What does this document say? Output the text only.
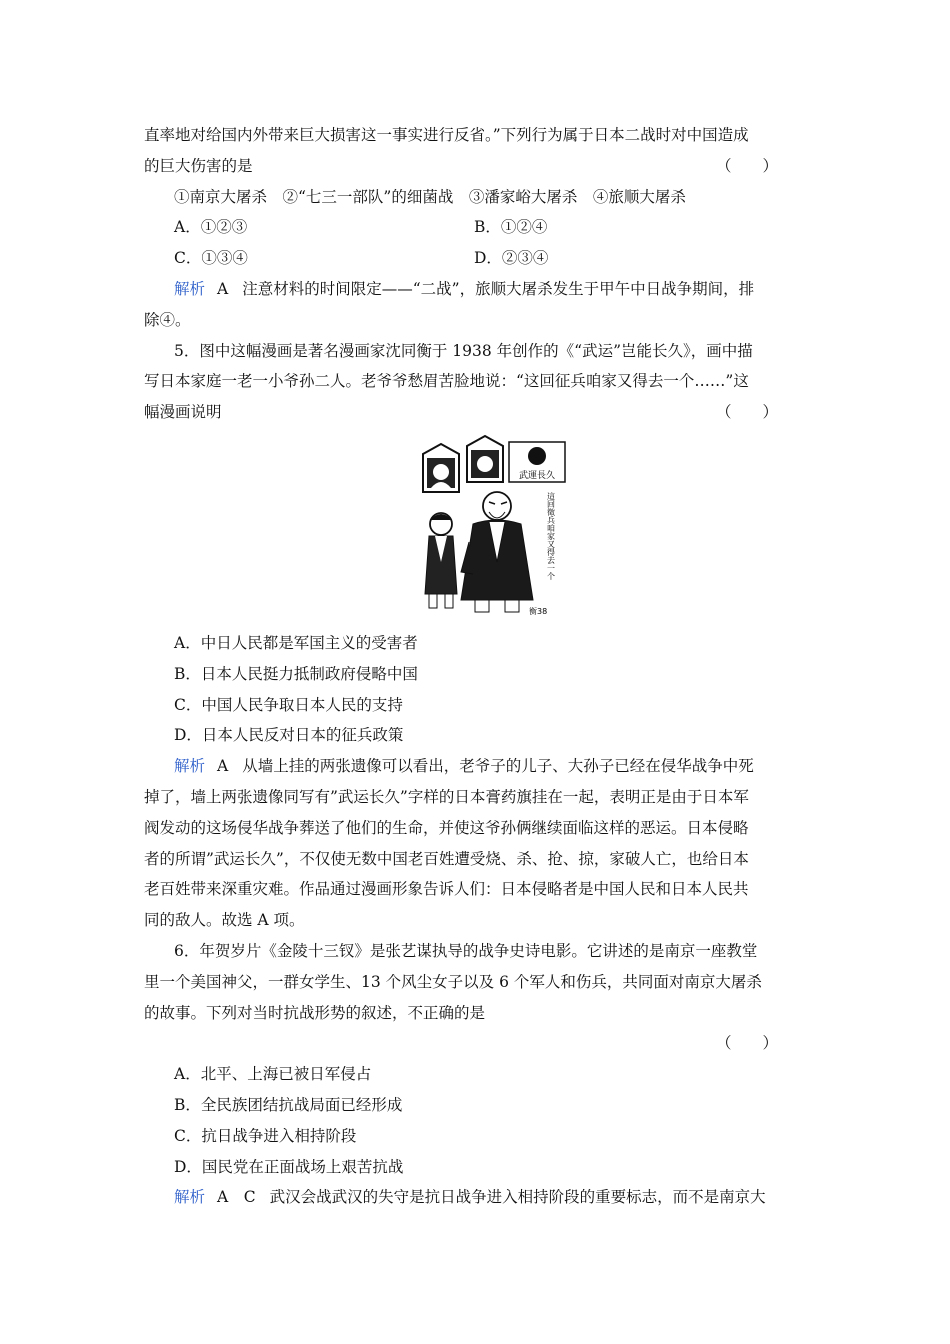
直率地对给国内外带来巨大损害这一事实进行反省。”下列行为属于日本二战时对中国造成
的巨大伤害的是	（　　）
①南京大屠杀　②“七三一部队”的细菌战　③潘家峪大屠杀　④旅顺大屠杀
A．①②③	B．①②④
C．①③④	D．②③④
解析 A 注意材料的时间限定——“二战”，旅顺大屠杀发生于甲午中日战争期间，排
除④。
5．图中这幅漫画是著名漫画家沈同衡于 1938 年创作的《“武运”岂能长久》，画中描
写日本家庭一老一小爷孙二人。老爷爷愁眉苦脸地说：“这回征兵咱家又得去一个……”这
幅漫画说明	（　　）
武運長久
這回徵兵咱家又得去一个
衡38
A．中日人民都是军国主义的受害者
B．日本人民挺力抵制政府侵略中国
C．中国人民争取日本人民的支持
D．日本人民反对日本的征兵政策
解析 A 从墙上挂的两张遗像可以看出，老爷子的儿子、大孙子已经在侵华战争中死
掉了，墙上两张遗像同写有”武运长久”字样的日本膏药旗挂在一起，表明正是由于日本军
阀发动的这场侵华战争葬送了他们的生命，并使这爷孙俩继续面临这样的恶运。日本侵略
者的所谓”武运长久”，不仅使无数中国老百姓遭受烧、杀、抢、掠，家破人亡，也给日本
老百姓带来深重灾难。作品通过漫画形象告诉人们：日本侵略者是中国人民和日本人民共
同的敌人。故选 A 项。
6．年贺岁片《金陵十三钗》是张艺谋执导的战争史诗电影。它讲述的是南京一座教堂
里一个美国神父，一群女学生、13 个风尘女子以及 6 个军人和伤兵，共同面对南京大屠杀
的故事。下列对当时抗战形势的叙述，不正确的是
（　　）
A．北平、上海已被日军侵占
B．全民族团结抗战局面已经形成
C．抗日战争进入相持阶段
D．国民党在正面战场上艰苦抗战
解析 A　C 武汉会战武汉的失守是抗日战争进入相持阶段的重要标志，而不是南京大
